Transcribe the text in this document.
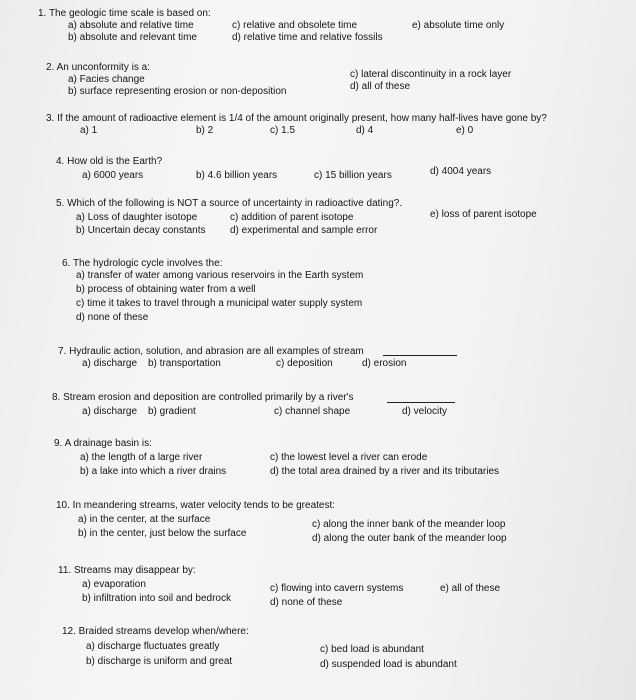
1. The geologic time scale is based on:
a) absolute and relative time
b) absolute and relevant time
c) relative and obsolete time
d) relative time and relative fossils
e) absolute time only
2. An unconformity is a:
a) Facies change
b) surface representing erosion or non-deposition
c) lateral discontinuity in a rock layer
d) all of these
3. If the amount of radioactive element is 1/4 of the amount originally present, how many half-lives have gone by?
a) 1	b) 2	c) 1.5	d) 4	e) 0
4. How old is the Earth?
a) 6000 years	b) 4.6 billion years	c) 15 billion years	d) 4004 years
5. Which of the following is NOT a source of uncertainty in radioactive dating?.
a) Loss of daughter isotope
b) Uncertain decay constants
c) addition of parent isotope
d) experimental and sample error
e) loss of parent isotope
6. The hydrologic cycle involves the:
a) transfer of water among various reservoirs in the Earth system
b) process of obtaining water from a well
c) time it takes to travel through a municipal water supply system
d) none of these
7. Hydraulic action, solution, and abrasion are all examples of stream
a) discharge b) transportation	c) deposition	d) erosion
8. Stream erosion and deposition are controlled primarily by a river's
a) discharge b) gradient	c) channel shape	d) velocity
9. A drainage basin is:
a) the length of a large river
b) a lake into which a river drains
c) the lowest level a river can erode
d) the total area drained by a river and its tributaries
10. In meandering streams, water velocity tends to be greatest:
a) in the center, at the surface
b) in the center, just below the surface
c) along the inner bank of the meander loop
d) along the outer bank of the meander loop
11. Streams may disappear by:
a) evaporation
b) infiltration into soil and bedrock
c) flowing into cavern systems
d) none of these
e) all of these
12. Braided streams develop when/where:
a) discharge fluctuates greatly
b) discharge is uniform and great
c) bed load is abundant
d) suspended load is abundant
